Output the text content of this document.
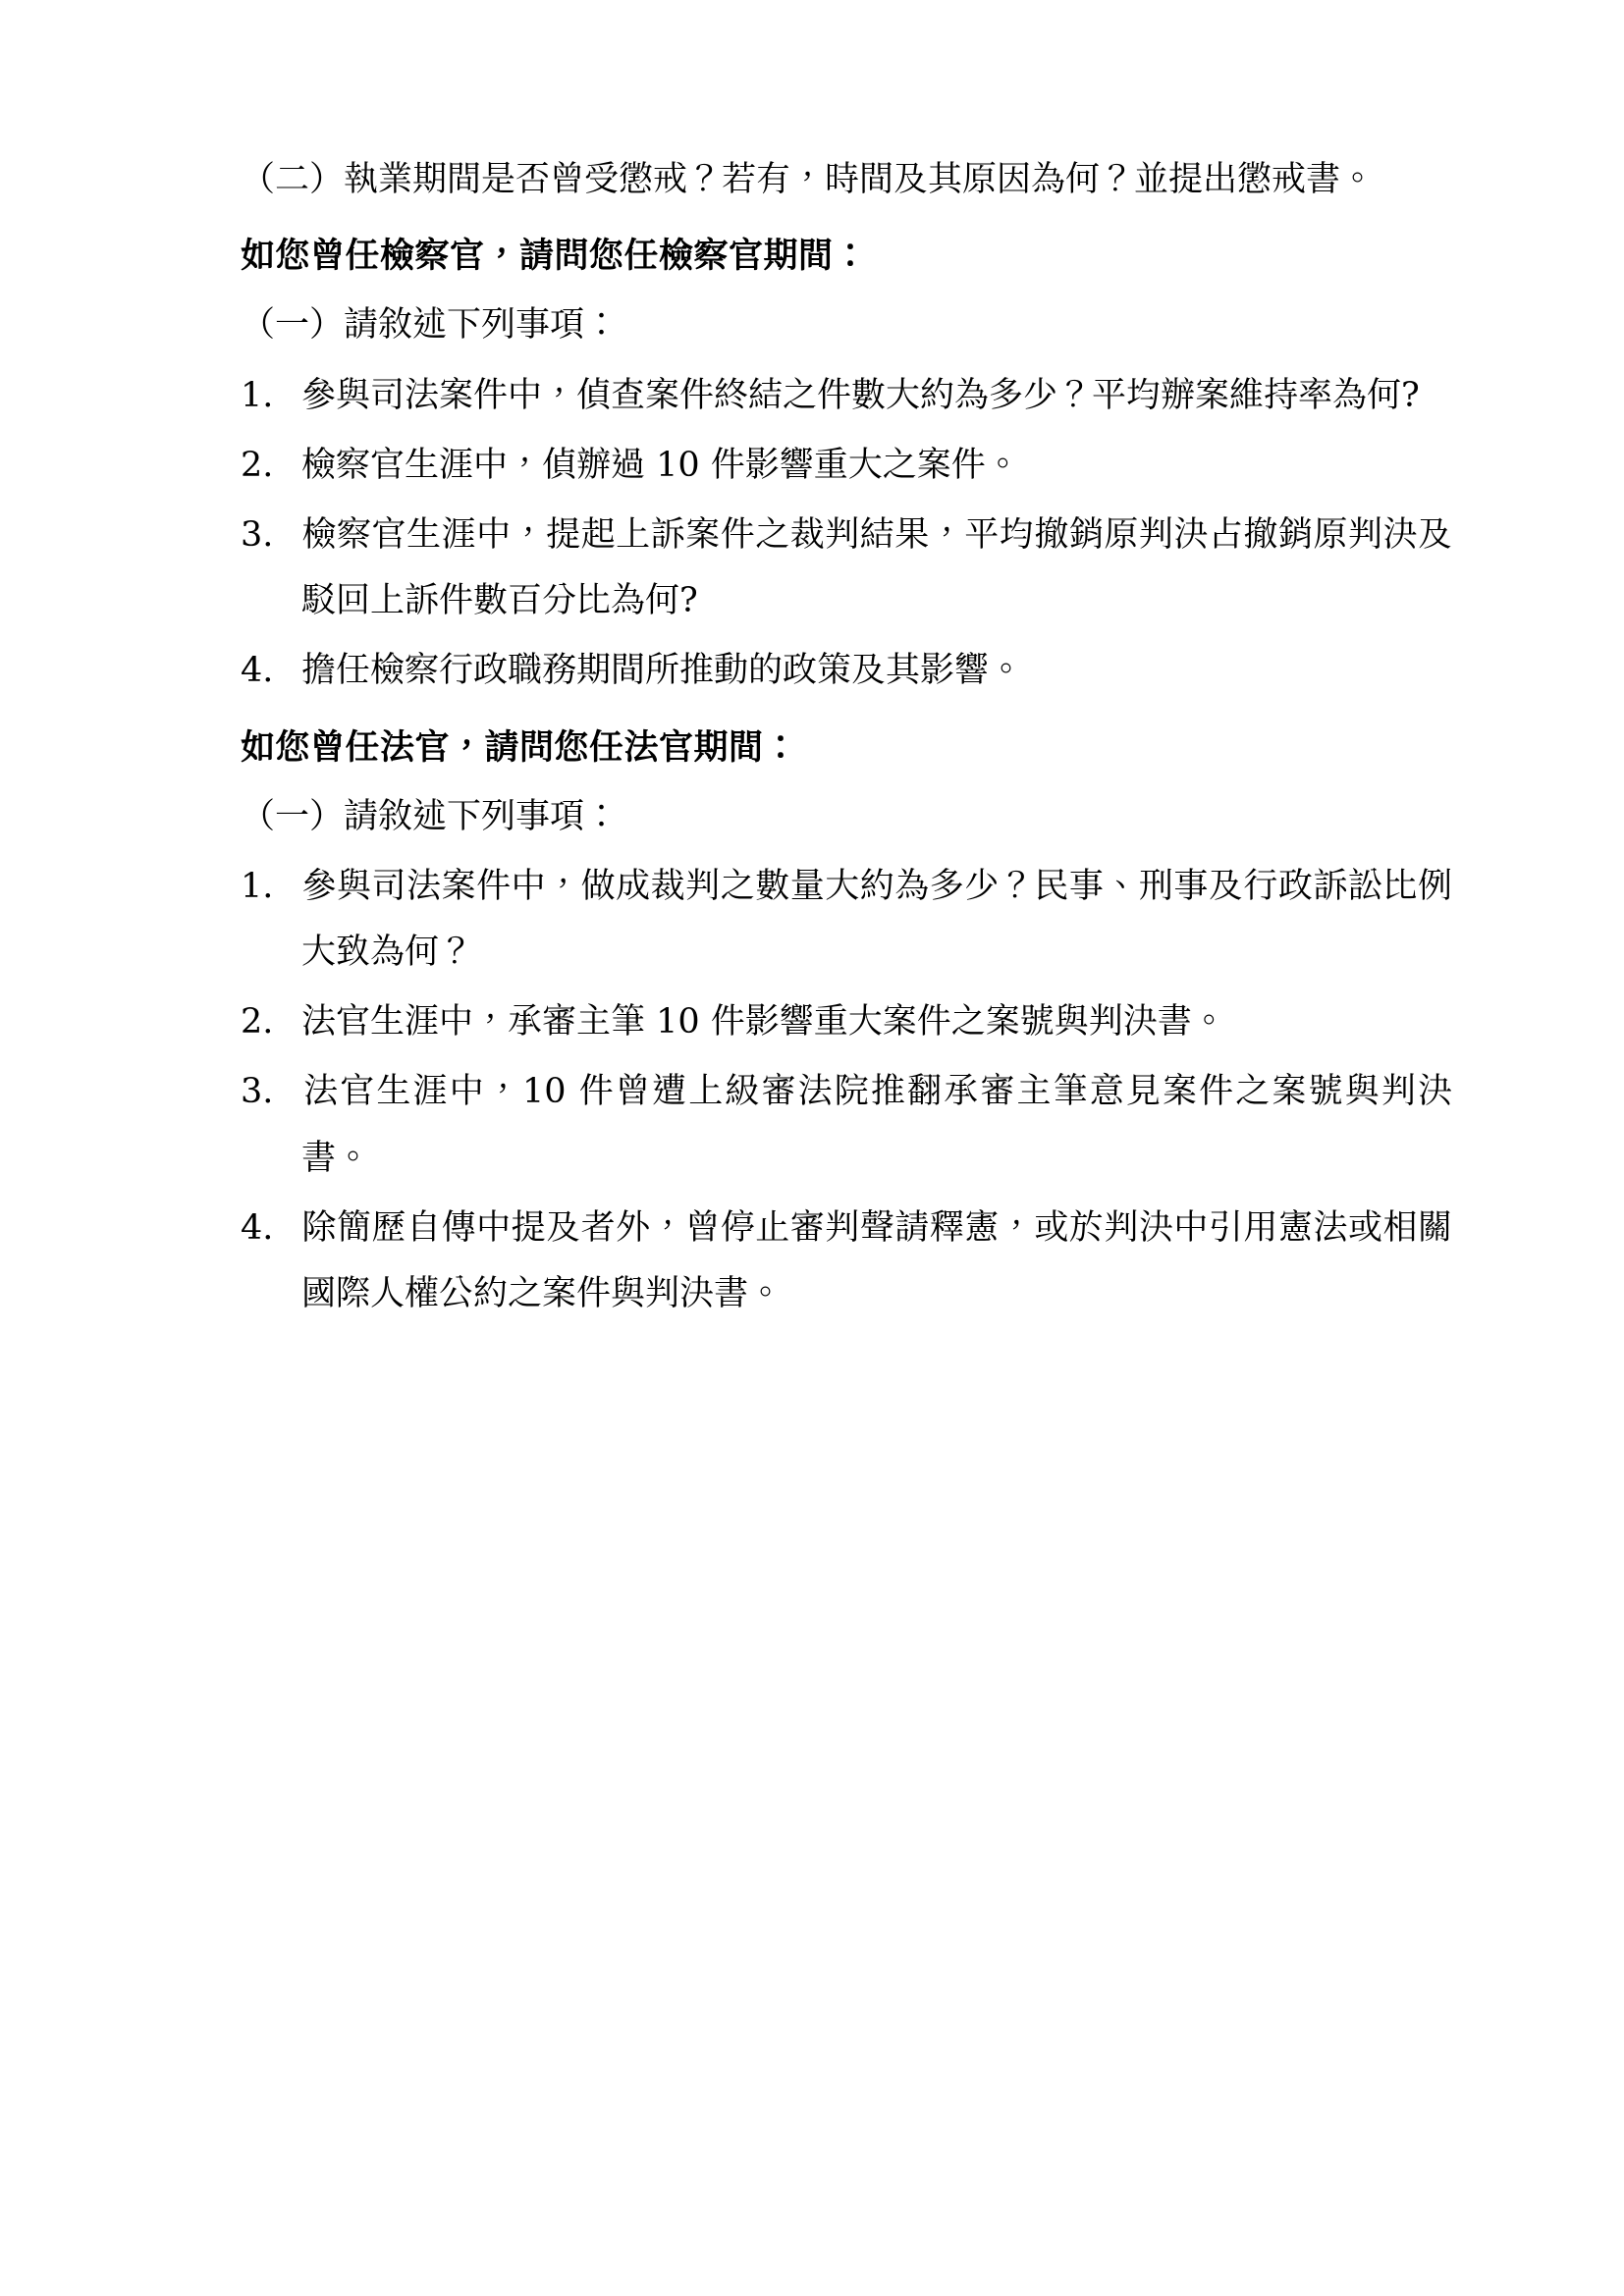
（二）執業期間是否曾受懲戒？若有，時間及其原因為何？並提出懲戒書。

如您曾任檢察官，請問您任檢察官期間：

（一）請敘述下列事項：

1. 參與司法案件中，偵查案件終結之件數大約為多少？平均辦案維持率為何?

2. 檢察官生涯中，偵辦過 10 件影響重大之案件。

3. 檢察官生涯中，提起上訴案件之裁判結果，平均撤銷原判決占撤銷原判決及駁回上訴件數百分比為何?

4. 擔任檢察行政職務期間所推動的政策及其影響。

如您曾任法官，請問您任法官期間：

（一）請敘述下列事項：

1. 參與司法案件中，做成裁判之數量大約為多少？民事、刑事及行政訴訟比例大致為何？

2. 法官生涯中，承審主筆 10 件影響重大案件之案號與判決書。

3. 法官生涯中，10 件曾遭上級審法院推翻承審主筆意見案件之案號與判決書。

4. 除簡歷自傳中提及者外，曾停止審判聲請釋憲，或於判決中引用憲法或相關國際人權公約之案件與判決書。
